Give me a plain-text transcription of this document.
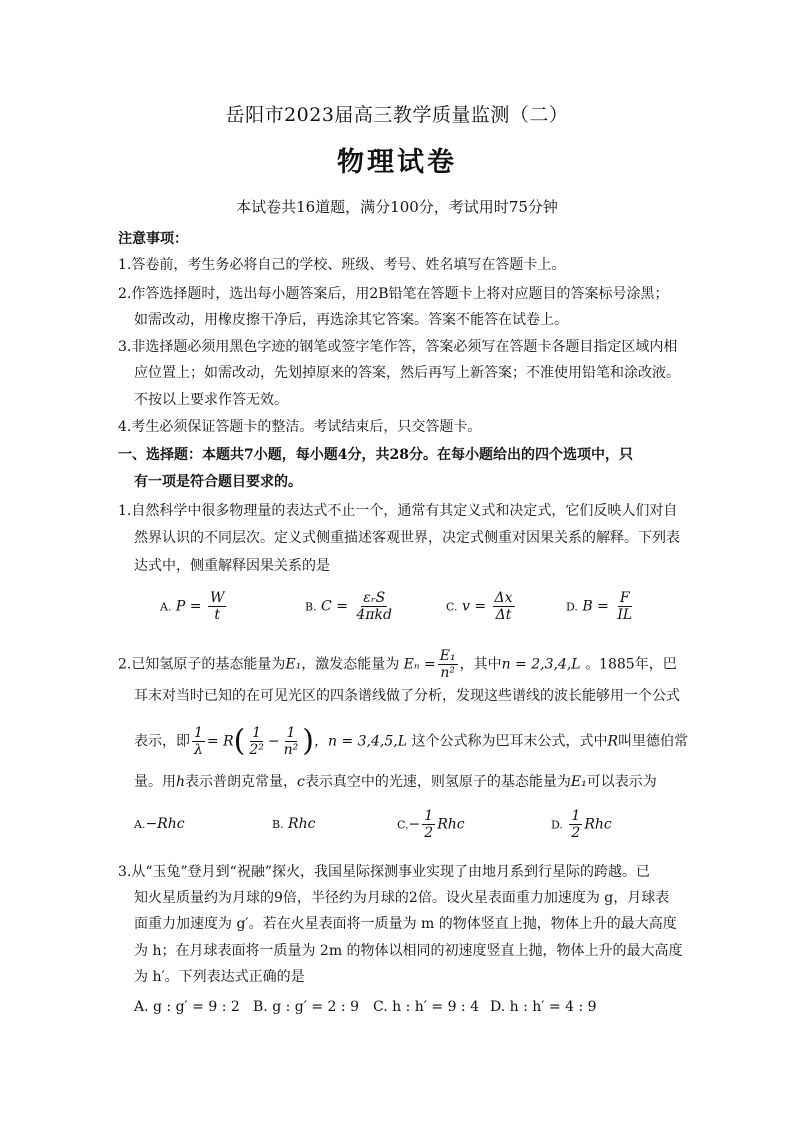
岳阳市2023届高三教学质量监测（二）
物理试卷
本试卷共16道题，满分100分，考试用时75分钟
注意事项：
1.答卷前，考生务必将自己的学校、班级、考号、姓名填写在答题卡上。
2.作答选择题时，选出每小题答案后，用2B铅笔在答题卡上将对应题目的答案标号涂黑；
如需改动，用橡皮擦干净后，再选涂其它答案。答案不能答在试卷上。
3.非选择题必须用黑色字迹的钢笔或签字笔作答，答案必须写在答题卡各题目指定区域内相
应位置上；如需改动，先划掉原来的答案，然后再写上新答案；不准使用铅笔和涂改液。
不按以上要求作答无效。
4.考生必须保证答题卡的整洁。考试结束后，只交答题卡。
一、选择题：本题共7小题，每小题4分，共28分。在每小题给出的四个选项中，只
有一项是符合题目要求的。
1.自然科学中很多物理量的表达式不止一个，通常有其定义式和决定式，它们反映人们对自
然界认识的不同层次。定义式侧重描述客观世界，决定式侧重对因果关系的解释。下列表
达式中，侧重解释因果关系的是
A. $P = \frac{W}{t}$	B. $C = \frac{\text{εᵣS}}{\text{4πkd}}$	C. $v = \frac{\Delta x}{\Delta t}$	D. $B = \frac{F}{IL}$
2.已知氢原子的基态能量为E₁，激发态能量为 $E_n = \frac{\text{E₁}}{\text{n²}}$ ，其中n = 2,3,4,L 。1885年，巴
耳末对当时已知的在可见光区的四条谱线做了分析，发现这些谱线的波长能够用一个公式
表示，即 $\frac{1}{\lambda} = R( \frac{1}{\text{2²}} - \frac{1}{\text{n²}}$ )，n = 3,4,5,L 这个公式称为巴耳末公式，式中R叫里德伯常
量。用h表示普朗克常量，c表示真空中的光速，则氢原子的基态能量为E₁可以表示为
A.−Rhc	B. Rhc	$C.- \frac{1}{2}$ Rhc	D. $\frac{1}{2}$ Rhc
3.从“玉兔”登月到“祝融”探火，我国星际探测事业实现了由地月系到行星际的跨越。已
知火星质量约为月球的9倍，半径约为月球的2倍。设火星表面重力加速度为 g，月球表
面重力加速度为 g′。若在火星表面将一质量为 m 的物体竖直上抛，物体上升的最大高度
为 h；在月球表面将一质量为 2m 的物体以相同的初速度竖直上抛，物体上升的最大高度
为 h′。下列表达式正确的是
A. g : g′ = 9 : 2 B. g : g′ = 2 : 9 C. h : h′ = 9 : 4 D. h : h′ = 4 : 9
